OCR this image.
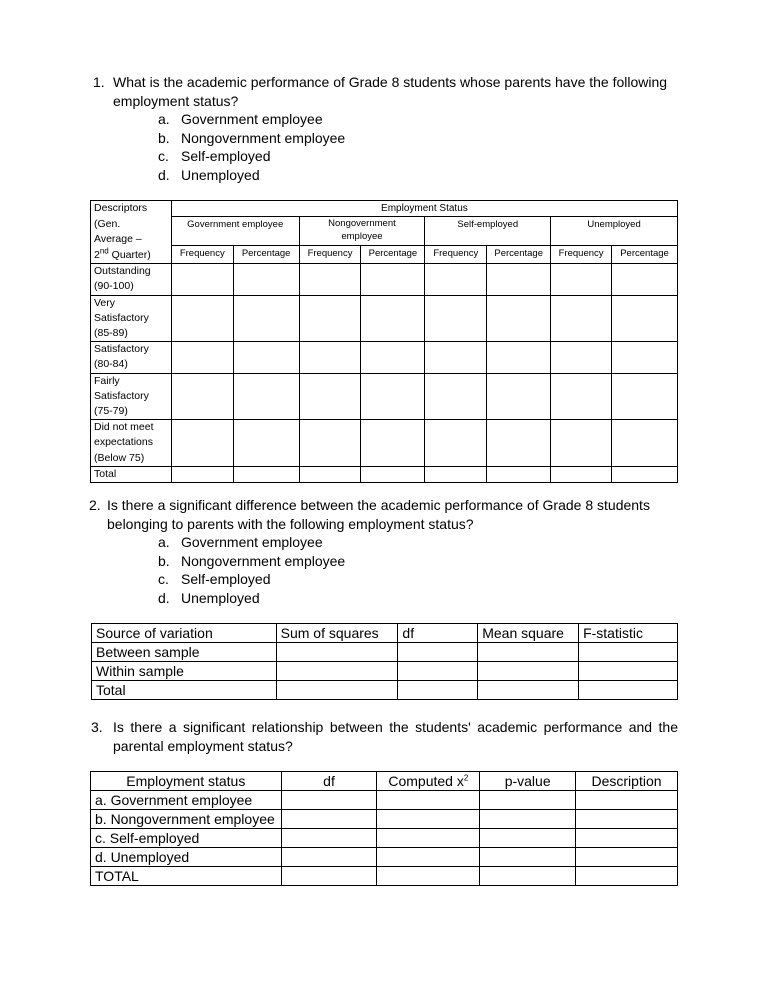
1. What is the academic performance of Grade 8 students whose parents have the following employment status?
a. Government employee
b. Nongovernment employee
c. Self-employed
d. Unemployed
Descriptors
(Gen.
Average –
2nd Quarter)	Employment Status							
	Government employee		Nongovernment employee		Self-employed		Unemployed	
	Frequency	Percentage	Frequency	Percentage	Frequency	Percentage	Frequency	Percentage

Outstanding
(90-100)								

Very
Satisfactory
(85-89)								

Satisfactory
(80-84)								

Fairly
Satisfactory
(75-79)								

Did not meet
expectations
(Below 75)								

Total								

2. Is there a significant difference between the academic performance of Grade 8 students belonging to parents with the following employment status?
a. Government employee
b. Nongovernment employee
c. Self-employed
d. Unemployed
Source of variation	Sum of squares	df	Mean square	F-statistic
Between sample				
Within sample				
Total				
3. Is there a significant relationship between the students' academic performance and the parental employment status?
Employment status	df	Computed $x^2$	p-value	Description
a. Government employee				
b. Nongovernment employee				
c. Self-employed				
d. Unemployed				
TOTAL				
